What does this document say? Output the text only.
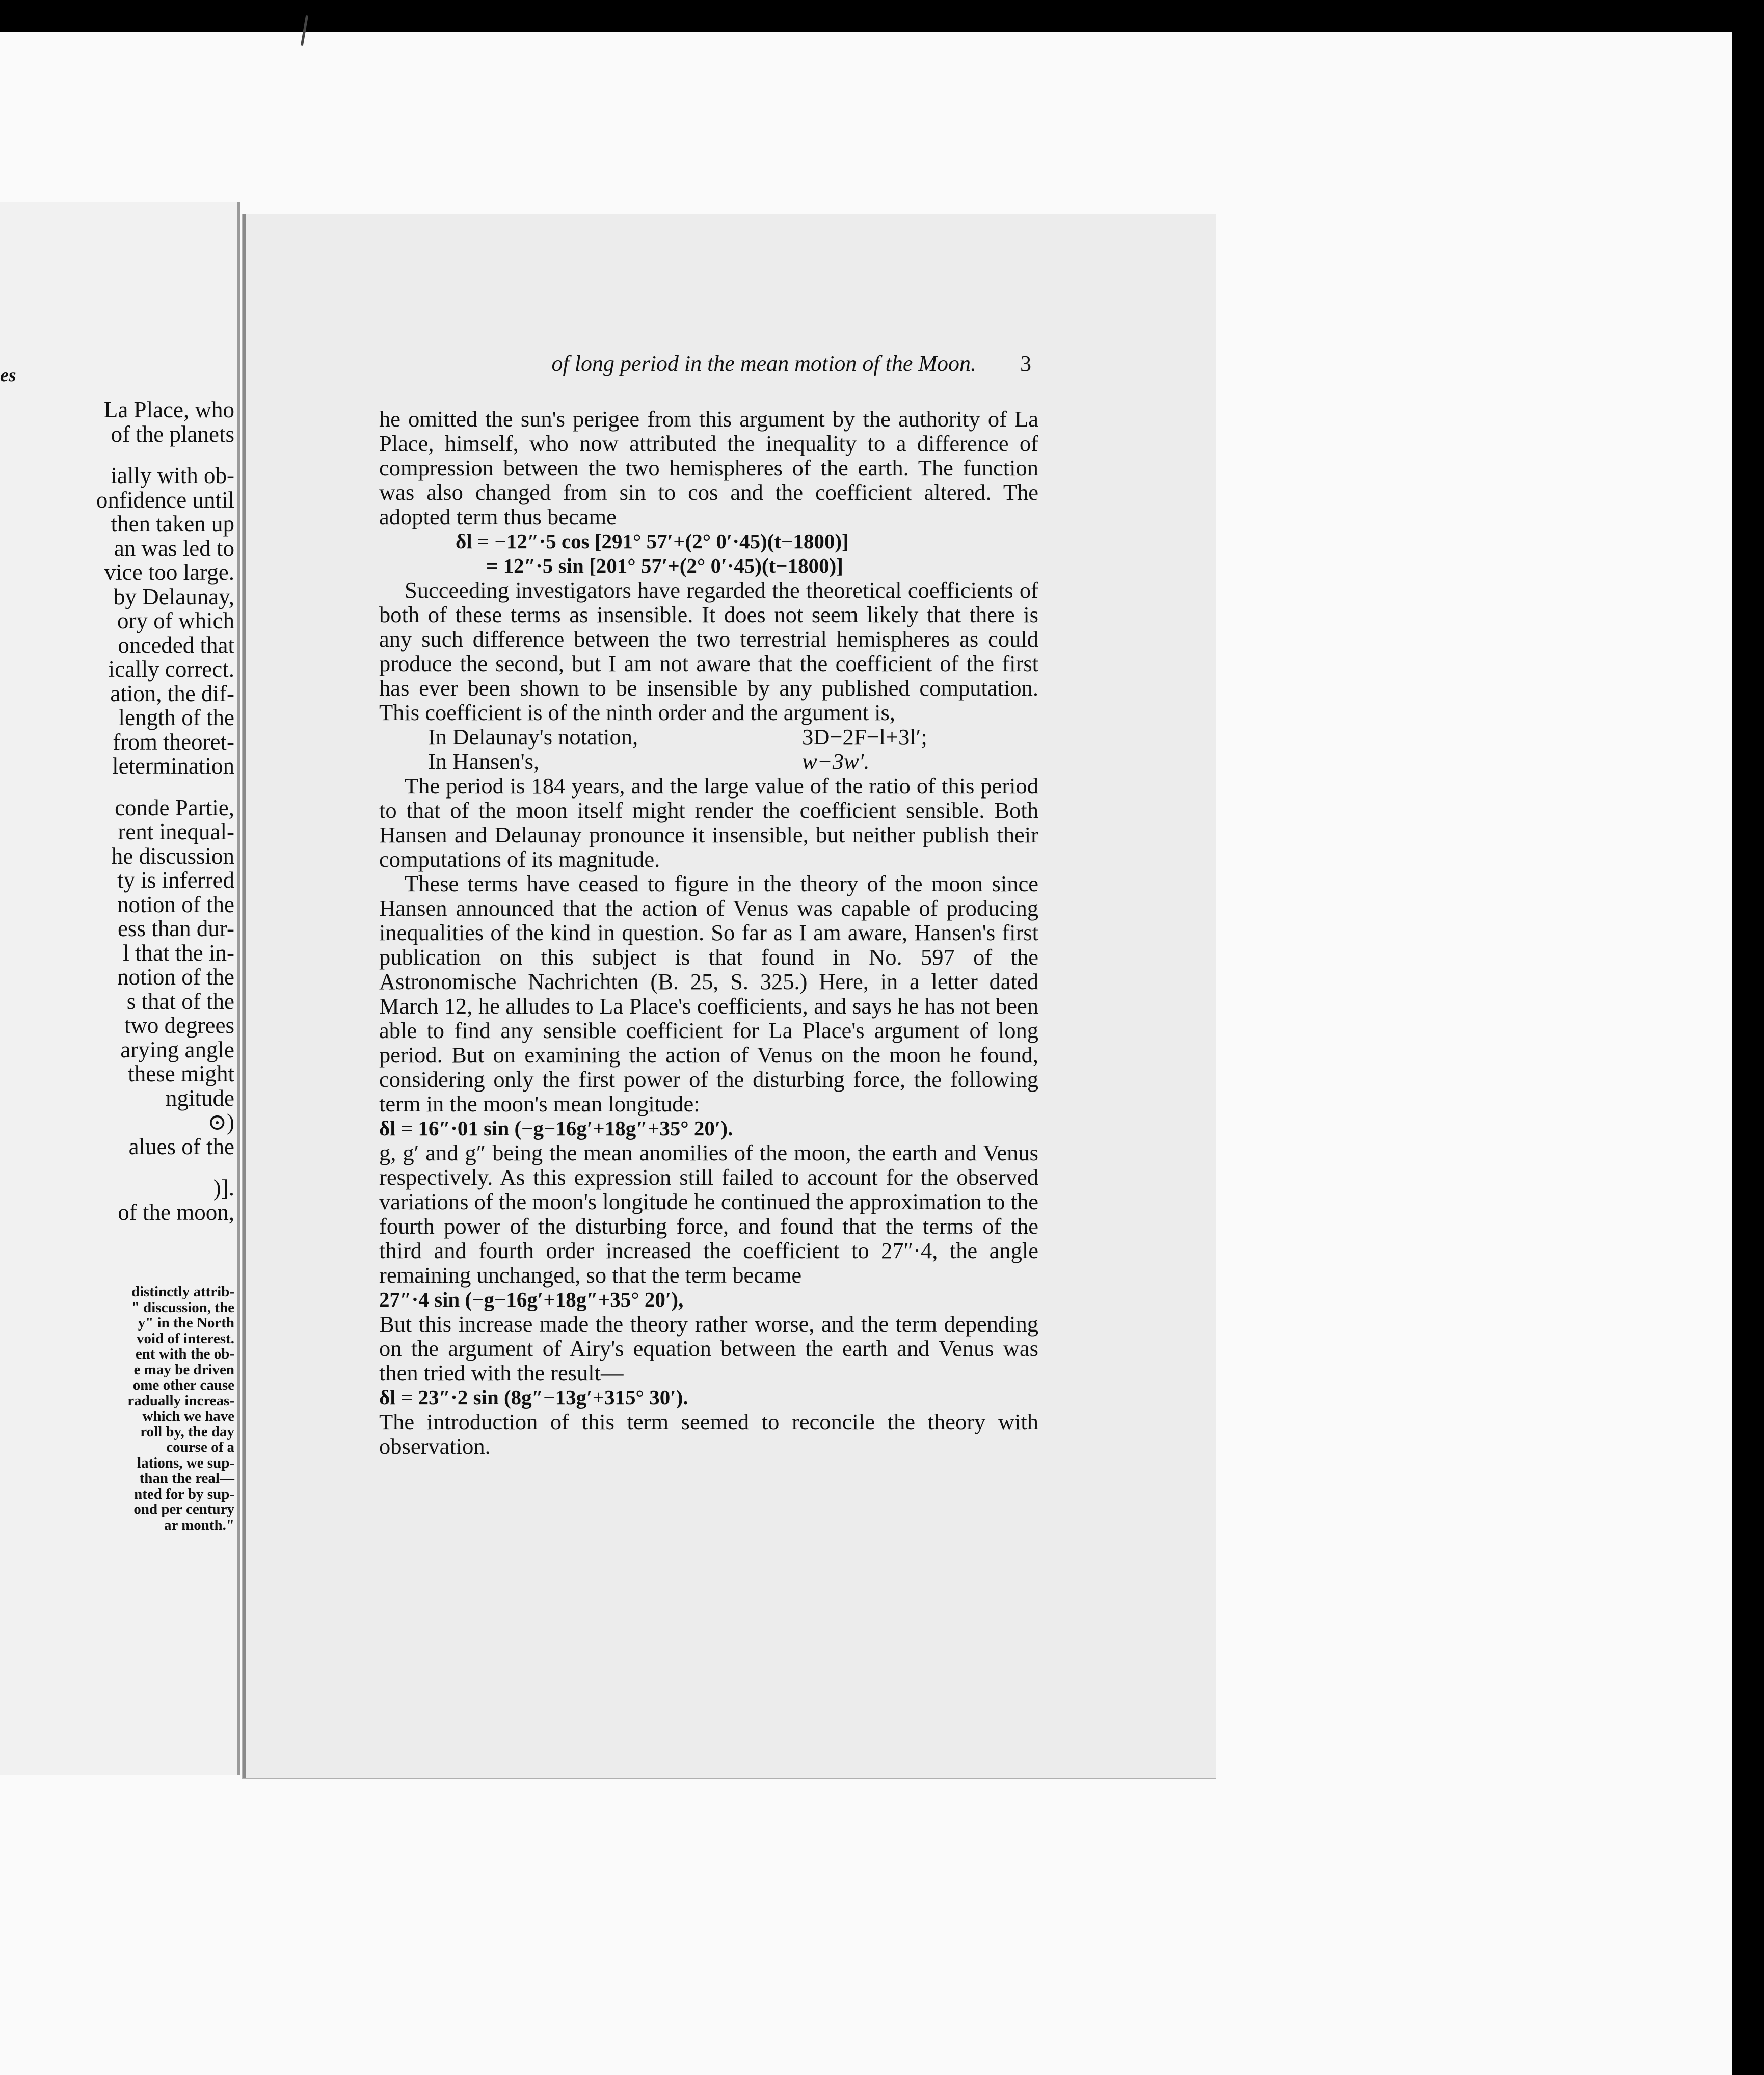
es
La Place, who
of the planets
ially with ob-
onfidence until
then taken up
an was led to
vice too large.
by Delaunay,
ory of which
onceded that
ically correct.
ation, the dif-
length of the
from theoret-
letermination
conde Partie,
rent inequal-
he discussion
ty is inferred
notion of the
ess than dur-
l that the in-
notion of the
s that of the
two degrees
arying angle
these might
ngitude
⊙)
alues of the
)].
of the moon,
distinctly attrib-
" discussion, the
y" in the North
void of interest.
ent with the ob-
e may be driven
ome other cause
radually increas-
which we have
roll by, the day
course of a
lations, we sup-
than the real—
nted for by sup-
ond per century
ar month."
of long period in the mean motion of the Moon. 3

he omitted the sun's perigee from this argument by the authority of La Place, himself, who now attributed the inequality to a difference of compression between the two hemispheres of the earth. The function was also changed from sin to cos and the coefficient altered. The adopted term thus became

δl = −12″·5 cos [291° 57′+(2° 0′·45)(t−1800)]

= 12″·5 sin [201° 57′+(2° 0′·45)(t−1800)]

Succeeding investigators have regarded the theoretical coefficients of both of these terms as insensible. It does not seem likely that there is any such difference between the two terrestrial hemispheres as could produce the second, but I am not aware that the coefficient of the first has ever been shown to be insensible by any published computation. This coefficient is of the ninth order and the argument is,

In Delaunay's notation,	3D−2F−l+3l′;
In Hansen's,	w−3w′.

The period is 184 years, and the large value of the ratio of this period to that of the moon itself might render the coefficient sensible. Both Hansen and Delaunay pronounce it insensible, but neither publish their computations of its magnitude.

These terms have ceased to figure in the theory of the moon since Hansen announced that the action of Venus was capable of producing inequalities of the kind in question. So far as I am aware, Hansen's first publication on this subject is that found in No. 597 of the Astronomische Nachrichten (B. 25, S. 325.) Here, in a letter dated March 12, he alludes to La Place's coefficients, and says he has not been able to find any sensible coefficient for La Place's argument of long period. But on examining the action of Venus on the moon he found, considering only the first power of the disturbing force, the following term in the moon's mean longitude:

δl = 16″·01 sin (−g−16g′+18g″+35° 20′).

g, g′ and g″ being the mean anomilies of the moon, the earth and Venus respectively. As this expression still failed to account for the observed variations of the moon's longitude he continued the approximation to the fourth power of the disturbing force, and found that the terms of the third and fourth order increased the coefficient to 27″·4, the angle remaining unchanged, so that the term became

27″·4 sin (−g−16g′+18g″+35° 20′),

But this increase made the theory rather worse, and the term depending on the argument of Airy's equation between the earth and Venus was then tried with the result—

δl = 23″·2 sin (8g″−13g′+315° 30′).

The introduction of this term seemed to reconcile the theory with observation.
